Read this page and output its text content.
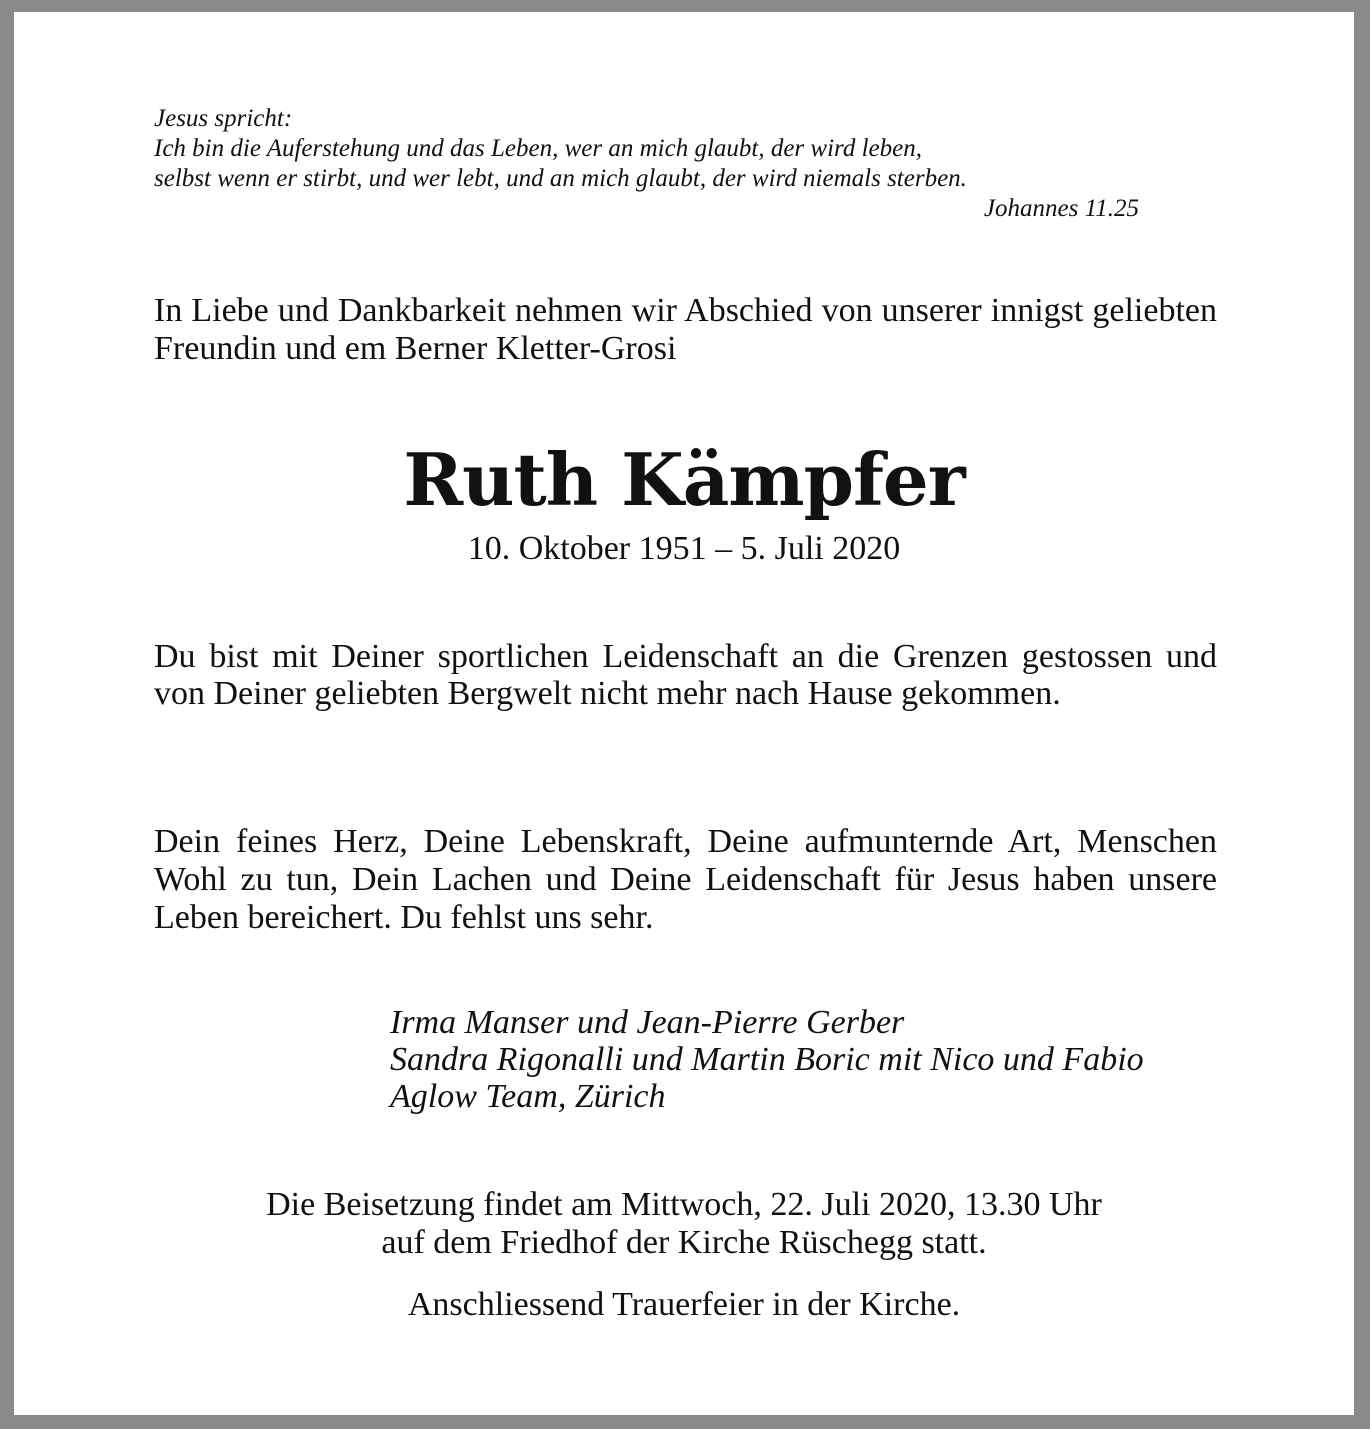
Jesus spricht:
Ich bin die Auferstehung und das Leben, wer an mich glaubt, der wird leben,
selbst wenn er stirbt, und wer lebt, und an mich glaubt, der wird niemals sterben.
Johannes 11.25
In Liebe und Dankbarkeit nehmen wir Abschied von unserer innigst geliebten Freundin und em Berner Kletter-Grosi
Ruth Kämpfer
10. Oktober 1951 – 5. Juli 2020
Du bist mit Deiner sportlichen Leidenschaft an die Grenzen gestossen und von Deiner geliebten Bergwelt nicht mehr nach Hause gekommen.
Dein feines Herz, Deine Lebenskraft, Deine aufmunternde Art, Menschen Wohl zu tun, Dein Lachen und Deine Leidenschaft für Jesus haben unsere Leben bereichert. Du fehlst uns sehr.
Irma Manser und Jean-Pierre Gerber
Sandra Rigonalli und Martin Boric mit Nico und Fabio
Aglow Team, Zürich
Die Beisetzung findet am Mittwoch, 22. Juli 2020, 13.30 Uhr
auf dem Friedhof der Kirche Rüschegg statt.
Anschliessend Trauerfeier in der Kirche.
